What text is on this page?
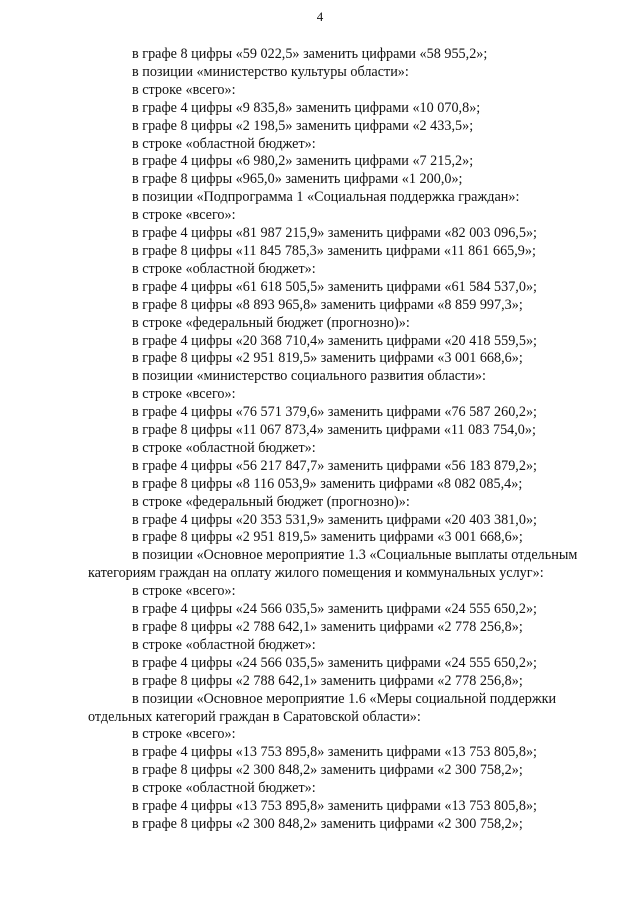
4
в графе 8 цифры «59 022,5» заменить цифрами «58 955,2»;
в позиции «министерство культуры области»:
в строке «всего»:
в графе 4 цифры «9 835,8» заменить цифрами «10 070,8»;
в графе 8 цифры «2 198,5» заменить цифрами «2 433,5»;
в строке «областной бюджет»:
в графе 4 цифры «6 980,2» заменить цифрами «7 215,2»;
в графе 8 цифры «965,0» заменить цифрами «1 200,0»;
в позиции «Подпрограмма 1 «Социальная поддержка граждан»:
в строке «всего»:
в графе 4 цифры «81 987 215,9» заменить цифрами «82 003 096,5»;
в графе 8 цифры «11 845 785,3» заменить цифрами «11 861 665,9»;
в строке «областной бюджет»:
в графе 4 цифры «61 618 505,5» заменить цифрами «61 584 537,0»;
в графе 8 цифры «8 893 965,8» заменить цифрами «8 859 997,3»;
в строке «федеральный бюджет (прогнозно)»:
в графе 4 цифры «20 368 710,4» заменить цифрами «20 418 559,5»;
в графе 8 цифры «2 951 819,5» заменить цифрами «3 001 668,6»;
в позиции «министерство социального развития области»:
в строке «всего»:
в графе 4 цифры «76 571 379,6» заменить цифрами «76 587 260,2»;
в графе 8 цифры «11 067 873,4» заменить цифрами «11 083 754,0»;
в строке «областной бюджет»:
в графе 4 цифры «56 217 847,7» заменить цифрами «56 183 879,2»;
в графе 8 цифры «8 116 053,9» заменить цифрами «8 082 085,4»;
в строке «федеральный бюджет (прогнозно)»:
в графе 4 цифры «20 353 531,9» заменить цифрами «20 403 381,0»;
в графе 8 цифры «2 951 819,5» заменить цифрами «3 001 668,6»;
в позиции «Основное мероприятие 1.3 «Социальные выплаты отдельным
категориям граждан на оплату жилого помещения и коммунальных услуг»:
в строке «всего»:
в графе 4 цифры «24 566 035,5» заменить цифрами «24 555 650,2»;
в графе 8 цифры «2 788 642,1» заменить цифрами «2 778 256,8»;
в строке «областной бюджет»:
в графе 4 цифры «24 566 035,5» заменить цифрами «24 555 650,2»;
в графе 8 цифры «2 788 642,1» заменить цифрами «2 778 256,8»;
в позиции «Основное мероприятие 1.6 «Меры социальной поддержки
отдельных категорий граждан в Саратовской области»:
в строке «всего»:
в графе 4 цифры «13 753 895,8» заменить цифрами «13 753 805,8»;
в графе 8 цифры «2 300 848,2» заменить цифрами «2 300 758,2»;
в строке «областной бюджет»:
в графе 4 цифры «13 753 895,8» заменить цифрами «13 753 805,8»;
в графе 8 цифры «2 300 848,2» заменить цифрами «2 300 758,2»;
